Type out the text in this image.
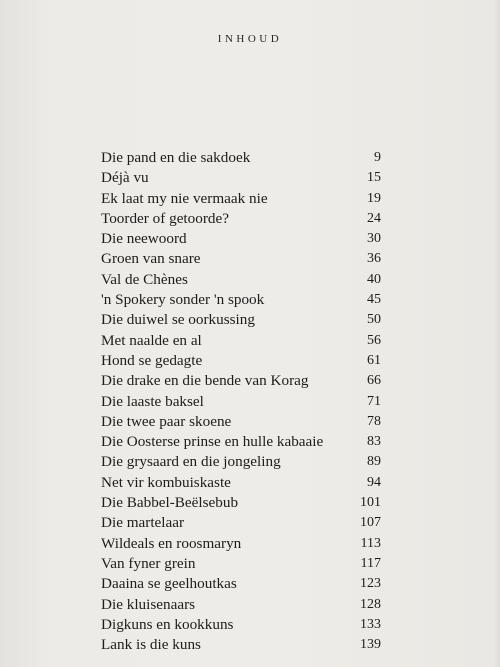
INHOUD
Die pand en die sakdoek	9
Déjà vu	15
Ek laat my nie vermaak nie	19
Toorder of getoorde?	24
Die neewoord	30
Groen van snare	36
Val de Chènes	40
'n Spokery sonder 'n spook	45
Die duiwel se oorkussing	50
Met naalde en al	56
Hond se gedagte	61
Die drake en die bende van Korag	66
Die laaste baksel	71
Die twee paar skoene	78
Die Oosterse prinse en hulle kabaaie	83
Die grysaard en die jongeling	89
Net vir kombuiskaste	94
Die Babbel-Beëlsebub	101
Die martelaar	107
Wildeals en roosmaryn	113
Van fyner grein	117
Daaina se geelhoutkas	123
Die kluisenaars	128
Digkuns en kookkuns	133
Lank is die kuns	139
